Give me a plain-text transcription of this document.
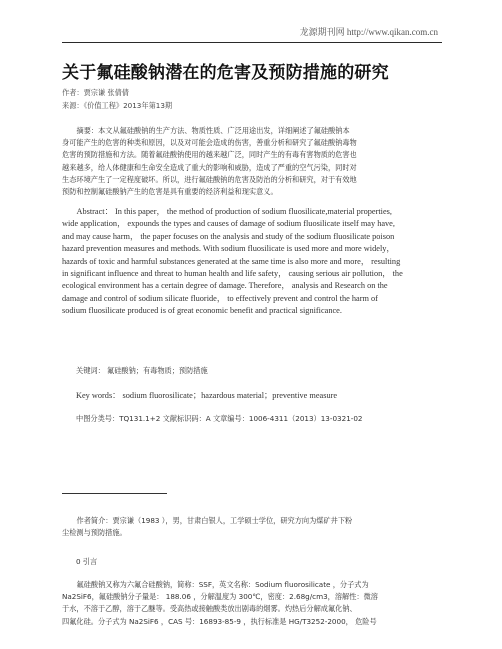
龙源期刊网 http://www.qikan.com.cn
关于氟硅酸钠潜在的危害及预防措施的研究
作者：贾宗谦 张倩倩
来源：《价值工程》2013年第13期

摘要：本文从氟硅酸钠的生产方法、物质性质、广泛用途出发，详细阐述了氟硅酸钠本
身可能产生的危害的种类和原因，以及对可能会造成的伤害，善重分析和研究了氟硅酸钠毒物
危害的预防措施和方法。随着氟硅酸钠使用的越来越广泛，同时产生的有毒有害物质的危害也
越来越多，给人体健康和生命安全造成了重大的影响和威胁，造成了严重的空气污染，同时对
生态环境产生了一定程度破坏。所以，进行氟硅酸钠的危害及防治的分析和研究，对于有效地
预防和控制氟硅酸钠产生的危害是具有重要的经济利益和现实意义。

Abstract： In this paper， the method of production of sodium fluosilicate,material properties,
wide application， expounds the types and causes of damage of sodium fluosilicate itself may have,
and may cause harm， the paper focuses on the analysis and study of the sodium fluosilicate poison
hazard prevention measures and methods. With sodium fluosilicate is used more and more widely，
hazards of toxic and harmful substances generated at the same time is also more and more， resulting
in significant influence and threat to human health and life safety， causing serious air pollution， the
ecological environment has a certain degree of damage. Therefore， analysis and Research on the
damage and control of sodium silicate fluoride， to effectively prevent and control the harm of
sodium fluosilicate produced is of great economic benefit and practical significance.

关键词： 氟硅酸钠；有毒物质；预防措施
Key words： sodium fluorosilicate；hazardous material；preventive measure
中图分类号：TQ131.1+2 文献标识码：A 文章编号：1006-4311（2013）13-0321-02

作者简介：贾宗谦（1983 ），男，甘肃白银人，工学硕士学位，研究方向为煤矿井下粉
尘检测与预防措施。

0 引言

氟硅酸钠又称为六氟合硅酸钠，简称：SSF，英文名称：Sodium fluorosilicate ，分子式为
Na2SiF6，氟硅酸钠分子量是： 188.06 ，分解温度为 300℃，密度：2.68g/cm3，溶解性：微溶
于水，不溶于乙醇，溶于乙醚等。受高热或接触酸类放出剧毒的烟雾。灼热后分解成氟化钠、
四氟化硅。分子式为 Na2SiF6 ，CAS 号：16893-85-9 ，执行标准是 HG/T3252-2000， 危险号
